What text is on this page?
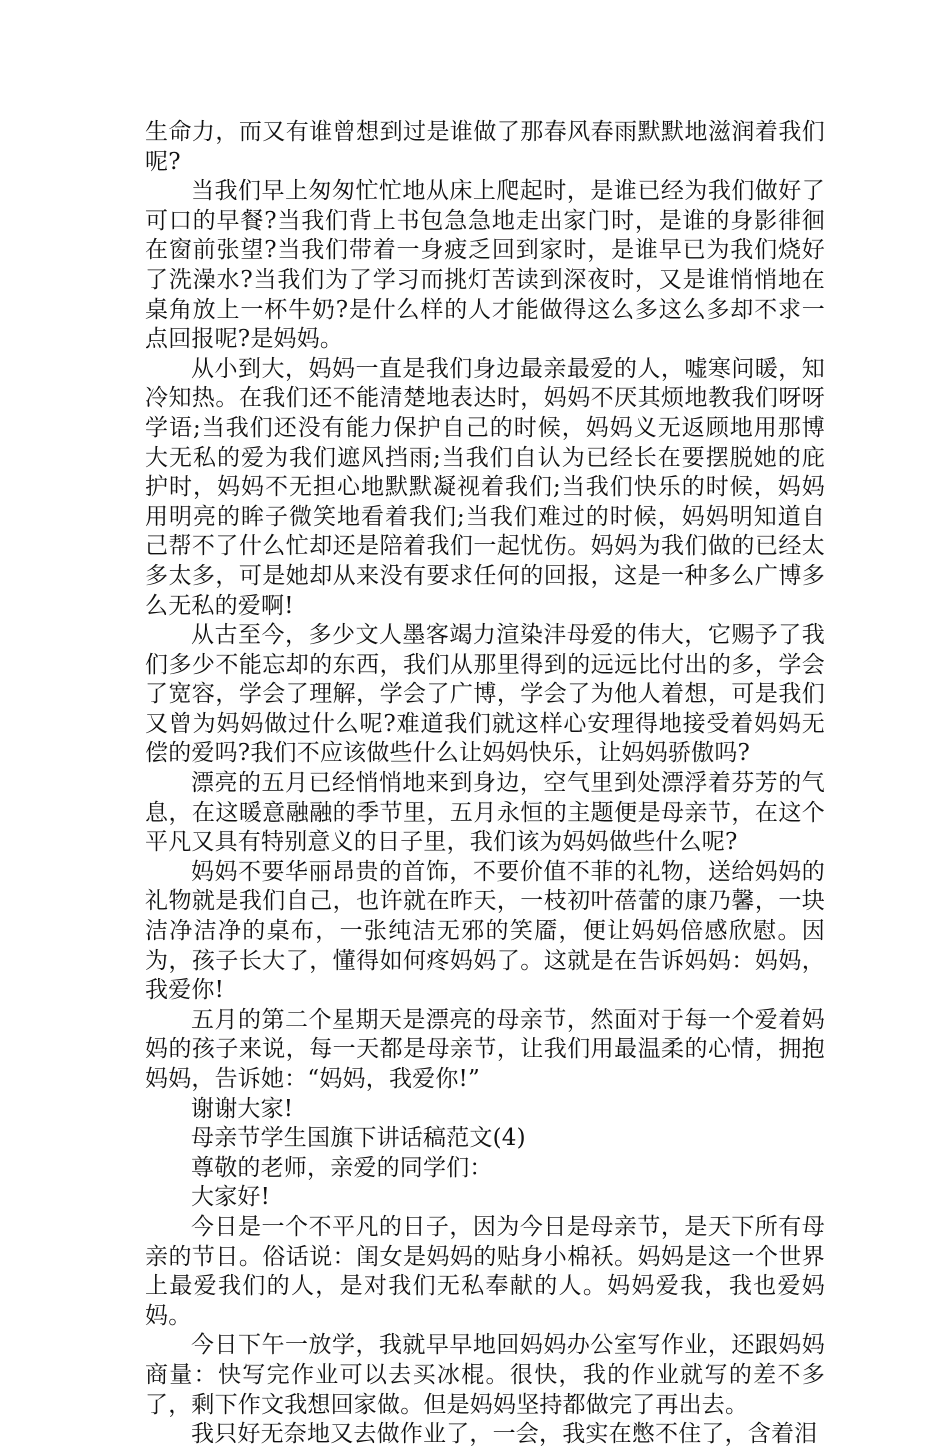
生命力，而又有谁曾想到过是谁做了那春风春雨默默地滋润着我们呢?

当我们早上匆匆忙忙地从床上爬起时，是谁已经为我们做好了可口的早餐?当我们背上书包急急地走出家门时，是谁的身影徘徊在窗前张望?当我们带着一身疲乏回到家时，是谁早已为我们烧好了洗澡水?当我们为了学习而挑灯苦读到深夜时，又是谁悄悄地在桌角放上一杯牛奶?是什么样的人才能做得这么多这么多却不求一点回报呢?是妈妈。

从小到大，妈妈一直是我们身边最亲最爱的人，嘘寒问暖，知冷知热。在我们还不能清楚地表达时，妈妈不厌其烦地教我们呀呀学语;当我们还没有能力保护自己的时候，妈妈义无返顾地用那博大无私的爱为我们遮风挡雨;当我们自认为已经长在要摆脱她的庇护时，妈妈不无担心地默默凝视着我们;当我们快乐的时候，妈妈用明亮的眸子微笑地看着我们;当我们难过的时候，妈妈明知道自己帮不了什么忙却还是陪着我们一起忧伤。妈妈为我们做的已经太多太多，可是她却从来没有要求任何的回报，这是一种多么广博多么无私的爱啊!

从古至今，多少文人墨客竭力渲染沣母爱的伟大，它赐予了我们多少不能忘却的东西，我们从那里得到的远远比付出的多，学会了宽容，学会了理解，学会了广博，学会了为他人着想，可是我们又曾为妈妈做过什么呢?难道我们就这样心安理得地接受着妈妈无偿的爱吗?我们不应该做些什么让妈妈快乐，让妈妈骄傲吗?

漂亮的五月已经悄悄地来到身边，空气里到处漂浮着芬芳的气息，在这暖意融融的季节里，五月永恒的主题便是母亲节，在这个平凡又具有特别意义的日子里，我们该为妈妈做些什么呢?

妈妈不要华丽昂贵的首饰，不要价值不菲的礼物，送给妈妈的礼物就是我们自己，也许就在昨天，一枝初叶蓓蕾的康乃馨，一块洁净洁净的桌布，一张纯洁无邪的笑靥，便让妈妈倍感欣慰。因为，孩子长大了，懂得如何疼妈妈了。这就是在告诉妈妈：妈妈，我爱你!

五月的第二个星期天是漂亮的母亲节，然面对于每一个爱着妈妈的孩子来说，每一天都是母亲节，让我们用最温柔的心情，拥抱妈妈，告诉她：“妈妈，我爱你!”

谢谢大家!

母亲节学生国旗下讲话稿范文(4)

尊敬的老师，亲爱的同学们：

大家好!

今日是一个不平凡的日子，因为今日是母亲节，是天下所有母亲的节日。俗话说：闺女是妈妈的贴身小棉袄。妈妈是这一个世界上最爱我们的人，是对我们无私奉献的人。妈妈爱我，我也爱妈妈。

今日下午一放学，我就早早地回妈妈办公室写作业，还跟妈妈商量：快写完作业可以去买冰棍。很快，我的作业就写的差不多了，剩下作文我想回家做。但是妈妈坚持都做完了再出去。

我只好无奈地又去做作业了，一会，我实在憋不住了，含着泪
